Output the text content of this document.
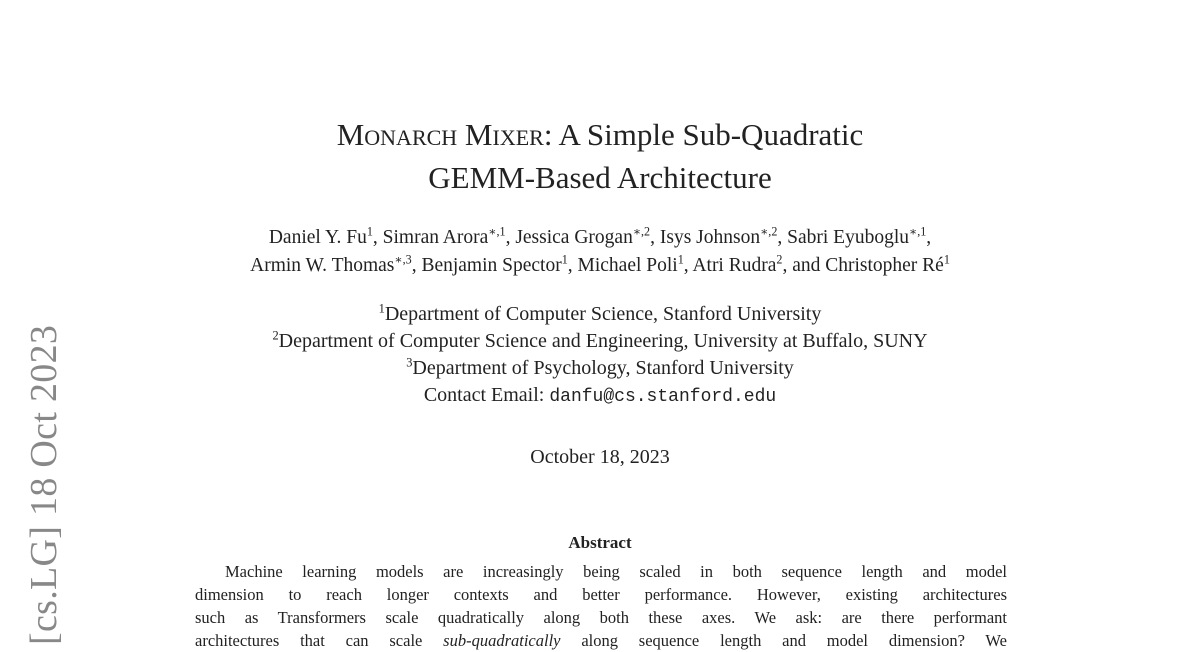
[cs.LG] 18 Oct 2023
Monarch Mixer: A Simple Sub-Quadratic
GEMM-Based Architecture
Daniel Y. Fu$^1$, Simran Arora$^{∗,1}$, Jessica Grogan$^{∗,2}$, Isys Johnson$^{∗,2}$, Sabri Eyuboglu$^{∗,1}$,
Armin W. Thomas$^{∗,3}$, Benjamin Spector$^1$, Michael Poli$^1$, Atri Rudra$^2$, and Christopher $Ré^1$
$^1$Department of Computer Science, Stanford University
$^2$Department of Computer Science and Engineering, University at Buffalo, SUNY
$^3$Department of Psychology, Stanford University
Contact Email: danfu@cs.stanford.edu
October 18, 2023
Abstract
Machine learning models are increasingly being scaled in both sequence length and model
dimension to reach longer contexts and better performance. However, existing architectures
such as Transformers scale quadratically along both these axes. We ask: are there performant
architectures that can scale sub-quadratically along sequence length and model dimension? We
